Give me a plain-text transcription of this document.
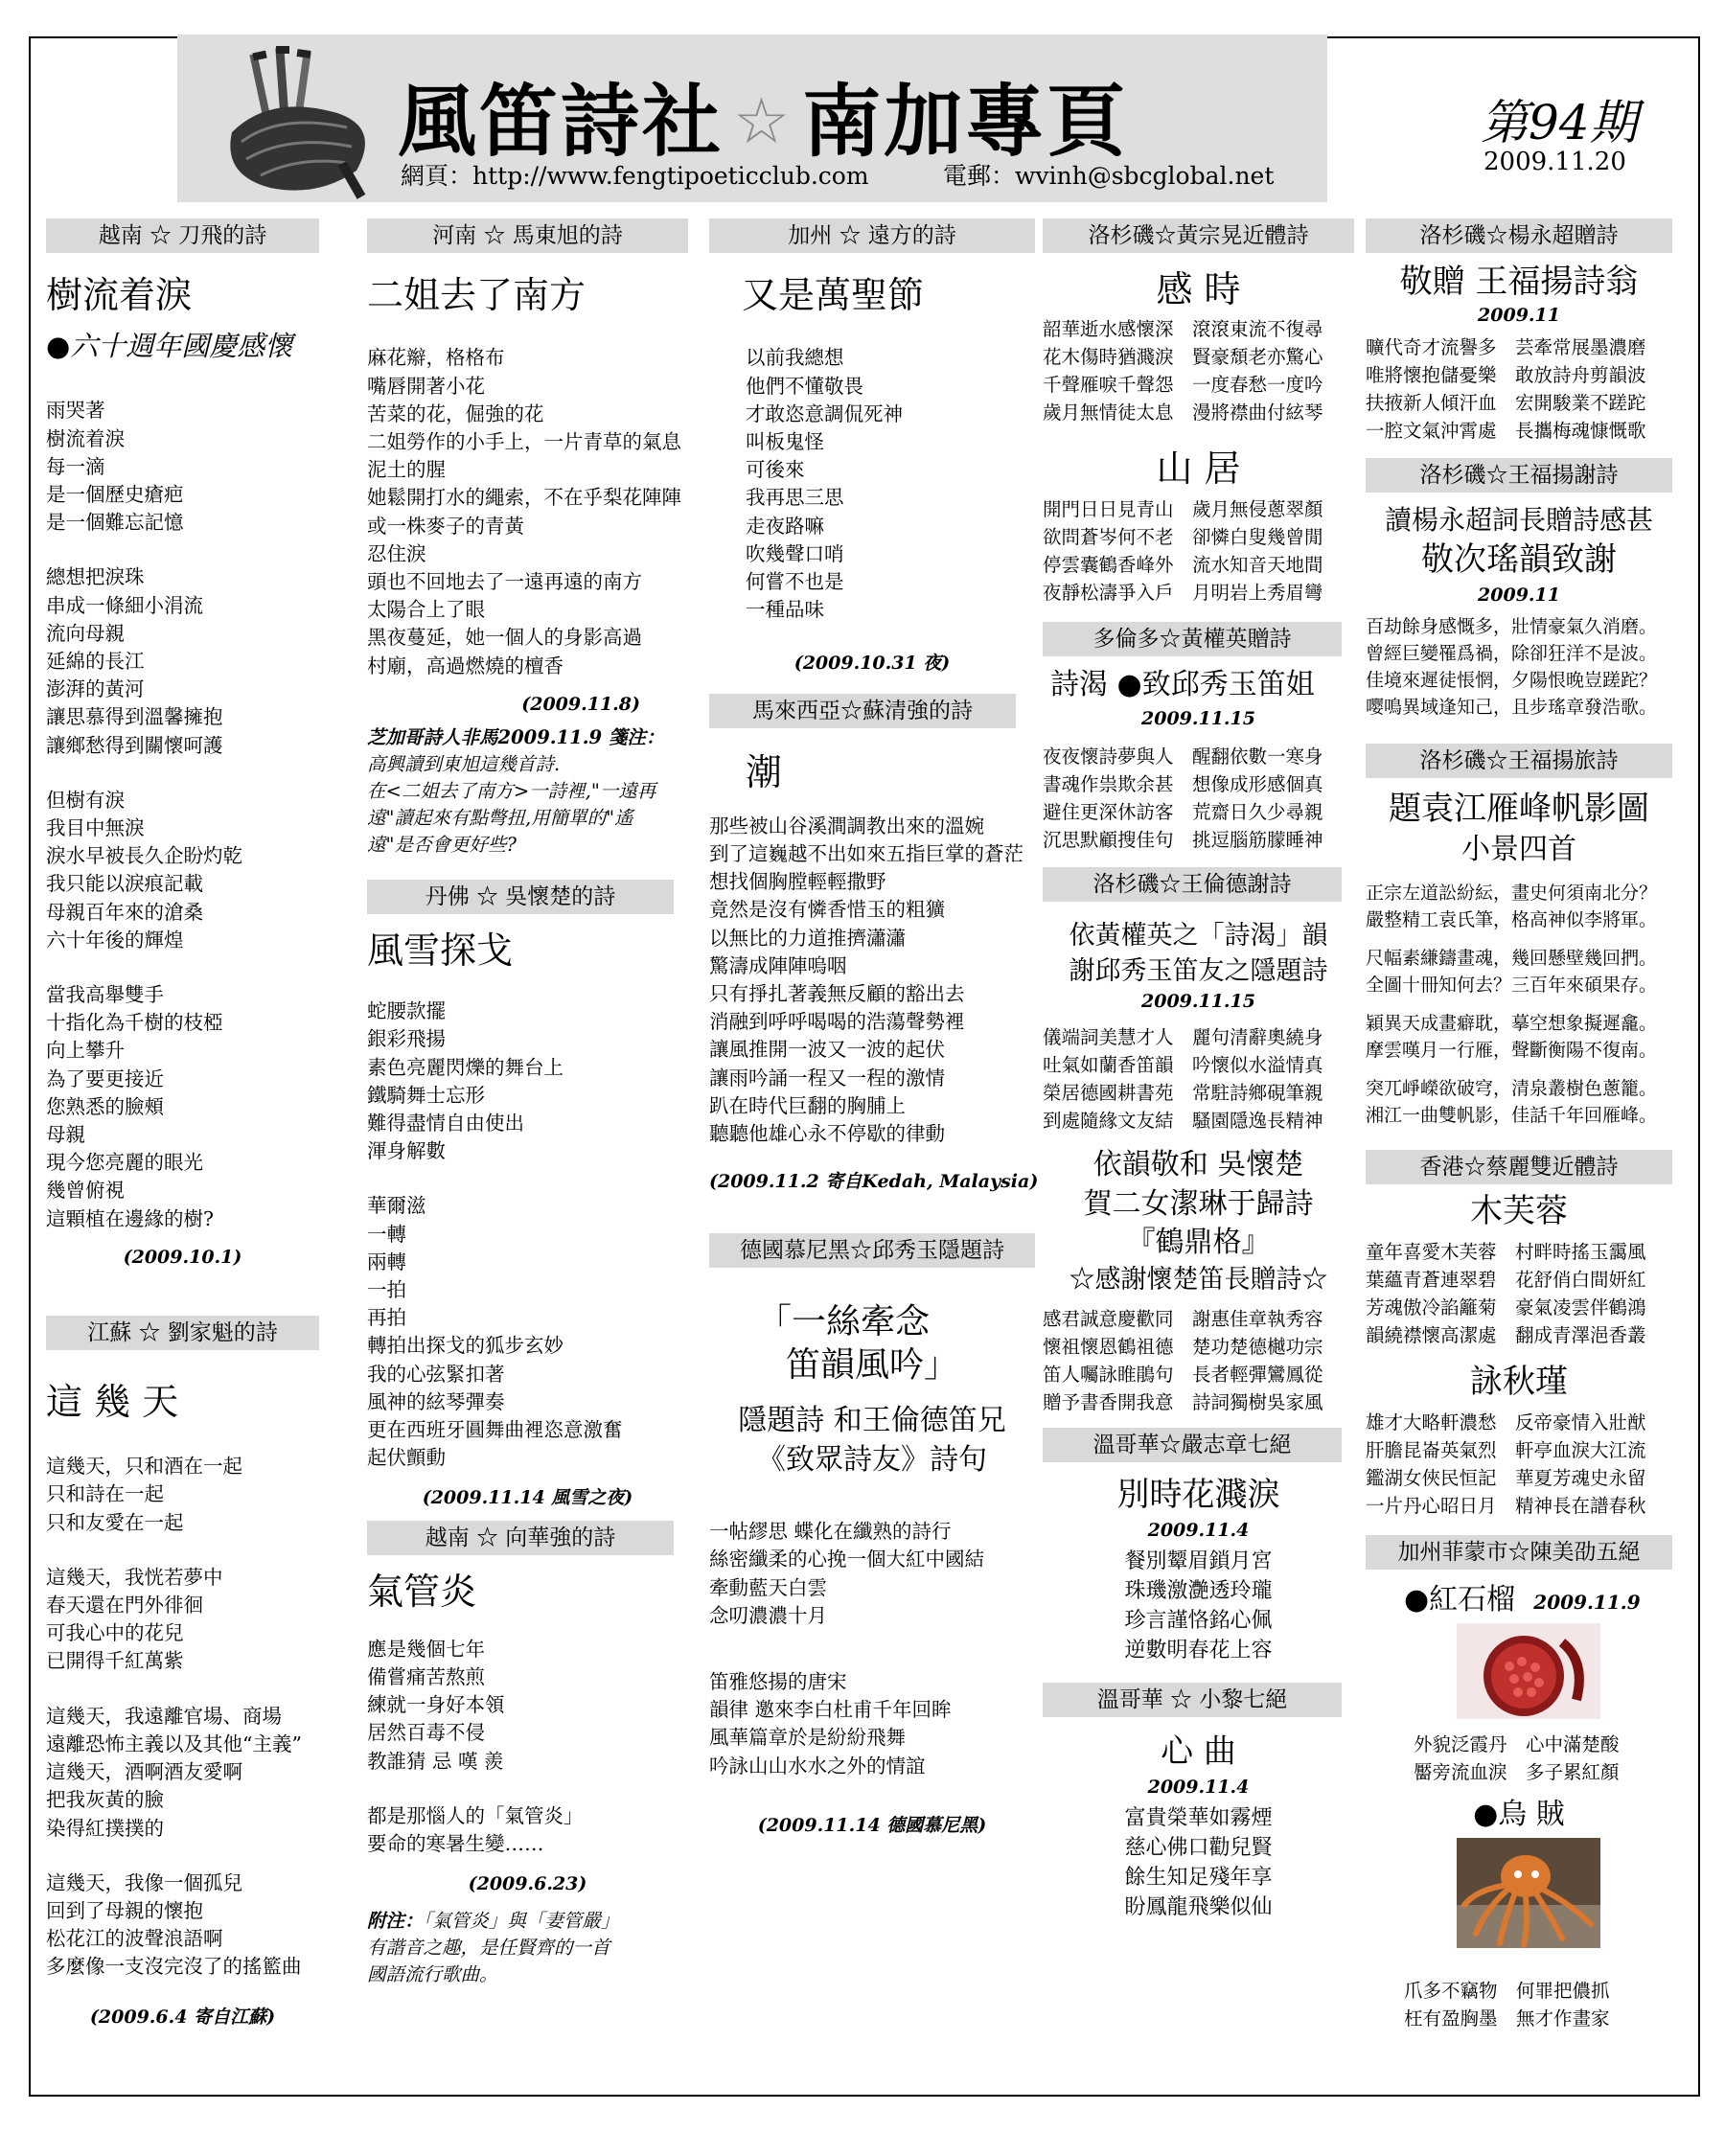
風笛詩社 ☆ 南加專頁
網頁：http://www.fengtipoeticclub.com	電郵：wvinh@sbcglobal.net
第94期
2009.11.20
越南 ☆ 刀飛的詩
樹流着淚
●六十週年國慶感懷
雨哭著
樹流着淚
每一滴
是一個歷史瘡疤
是一個難忘記憶
總想把淚珠
串成一條細小涓流
流向母親
延綿的長江
澎湃的黃河
讓思慕得到溫馨擁抱
讓鄉愁得到關懷呵護
但樹有淚
我目中無淚
淚水早被長久企盼灼乾
我只能以淚痕記載
母親百年來的滄桑
六十年後的輝煌
當我高舉雙手
十指化為千樹的枝椏
向上攀升
為了要更接近
您熟悉的臉頰
母親
現今您亮麗的眼光
幾曾俯視
這顆植在邊緣的樹?
(2009.10.1)
江蘇 ☆ 劉家魁的詩
這 幾 天
這幾天，只和酒在一起
只和詩在一起
只和友愛在一起
這幾天，我恍若夢中
春天還在門外徘徊
可我心中的花兒
已開得千紅萬紫
這幾天，我遠離官場、商場
遠離恐怖主義以及其他“主義”
這幾天，酒啊酒友愛啊
把我灰黃的臉
染得紅撲撲的
這幾天，我像一個孤兒
回到了母親的懷抱
松花江的波聲浪語啊
多麼像一支沒完沒了的搖籃曲
(2009.6.4 寄自江蘇)
河南 ☆ 馬東旭的詩
二姐去了南方
麻花辮，格格布
嘴唇開著小花
苦菜的花，倔強的花
二姐勞作的小手上，一片青草的氣息
泥土的腥
她鬆開打水的繩索，不在乎梨花陣陣
或一株麥子的青黃
忍住淚
頭也不回地去了一遠再遠的南方
太陽合上了眼
黑夜蔓延，她一個人的身影高過
村廟，高過燃燒的檀香
(2009.11.8)
芝加哥詩人非馬2009.11.9 箋注：
高興讀到東旭這幾首詩.
在<二姐去了南方>一詩裡,"一遠再
遠"讀起來有點彆扭,用簡單的"遙
遠"是否會更好些?
丹佛 ☆ 吳懷楚的詩
風雪探戈
蛇腰款擺
銀彩飛揚
素色亮麗閃爍的舞台上
鐵騎舞士忘形
難得盡情自由使出
渾身解數
華爾滋
一轉
兩轉
一拍
再拍
轉拍出探戈的狐步玄妙
我的心弦緊扣著
風神的絃琴彈奏
更在西班牙圓舞曲裡恣意激奮
起伏顫動
(2009.11.14 風雪之夜)
越南 ☆ 向華強的詩
氣管炎
應是幾個七年
備嘗痛苦熬煎
練就一身好本領
居然百毒不侵
教誰猜 忌 嘆 羨
都是那惱人的「氣管炎」
要命的寒暑生變……
(2009.6.23)
附注：「氣管炎」與「妻管嚴」
有諧音之趣，是任賢齊的一首
國語流行歌曲。
加州 ☆ 遠方的詩
又是萬聖節
以前我總想
他們不懂敬畏
才敢恣意調侃死神
叫板鬼怪
可後來
我再思三思
走夜路嘛
吹幾聲口哨
何嘗不也是
一種品味
(2009.10.31 夜)
馬來西亞☆蘇清強的詩
潮
那些被山谷溪澗調教出來的溫婉
到了這巍越不出如來五指巨掌的蒼茫
想找個胸膛輕輕撒野
竟然是沒有憐香惜玉的粗獷
以無比的力道推擠瀟瀟
驚濤成陣陣嗚咽
只有掙扎著義無反顧的豁出去
消融到呼呼喝喝的浩蕩聲勢裡
讓風推開一波又一波的起伏
讓雨吟誦一程又一程的激情
趴在時代巨翻的胸脯上
聽聽他雄心永不停歇的律動
(2009.11.2 寄自Kedah, Malaysia)
德國慕尼黑☆邱秀玉隱題詩
「一絲牽念
笛韻風吟」
隱題詩 和王倫德笛兄
《致眾詩友》詩句
一帖繆思 蝶化在纖熟的詩行
絲密纖柔的心挽一個大紅中國結
牽動藍天白雲
念叨濃濃十月
笛雅悠揚的唐宋
韻律 邀來李白杜甫千年回眸
風華篇章於是紛紛飛舞
吟詠山山水水之外的情誼
(2009.11.14 德國慕尼黑)
洛杉磯☆黃宗晃近體詩
感 時
韶華逝水感懷深　滾滾東流不復尋
花木傷時猶濺淚　賢豪頹老亦驚心
千聲雁唳千聲怨　一度春愁一度吟
歲月無情徒太息　漫將襟曲付絃琴
山 居
開門日日見青山　歲月無侵蔥翠顏
欲問蒼岑何不老　卻憐白叟幾曾閒
停雲囊鶴香峰外　流水知音天地間
夜靜松濤爭入戶　月明岩上秀眉彎
多倫多☆黃權英贈詩
詩渴 ●致邱秀玉笛姐
2009.11.15
夜夜懷詩夢與人　醒翻依數一寒身
書魂作祟欺余甚　想像成形感個真
避住更深休訪客　荒齋日久少尋親
沉思默顧搜佳句　挑逗腦筋朦睡神
洛杉磯☆王倫德謝詩
依黃權英之「詩渴」韻
謝邱秀玉笛友之隱題詩
2009.11.15
儀端詞美慧才人　麗句清辭奧繞身
吐氣如蘭香笛韻　吟懷似水溢情真
榮居德國耕書苑　常駐詩鄉硯筆親
到處隨緣文友結　騷園隱逸長精神
依韻敬和 吳懷楚
賀二女潔琳于歸詩
『鶴鼎格』
☆感謝懷楚笛長贈詩☆
感君誠意慶歡同　謝惠佳章執秀容
懷祖懷恩鶴祖德　楚功楚德樾功宗
笛人囑詠睢鵑句　長者輕彈鸞鳳從
贈予書香開我意　詩詞獨樹吳家風
溫哥華☆嚴志章七絕
別時花濺淚
2009.11.4
餐別颦眉鎖月宮
珠璣激灔透玲瓏
珍言謹恪銘心佩
逆數明春花上容
溫哥華 ☆ 小黎七絕
心 曲
2009.11.4
富貴榮華如霧煙
慈心佛口勸兒賢
餘生知足殘年享
盼鳳龍飛樂似仙
洛杉磯☆楊永超贈詩
敬贈 王福揚詩翁
2009.11
曠代奇才流譽多　芸牽常展墨濃磨
唯將懷抱儲憂樂　敢放詩舟剪韻波
扶掖新人傾汗血　宏開駿業不蹉跎
一腔文氣沖霄處　長攜梅魂慷慨歌
洛杉磯☆王福揚謝詩
讀楊永超詞長贈詩感甚
敬次瑤韻致謝
2009.11
百劫餘身感慨多，壯情豪氣久消磨。
曾經巨變罹爲禍，除卻狂洋不是波。
佳境來遲徒悵惘，夕陽恨晚豈蹉跎？
嘤鳴異域逢知己，且步瑤章發浩歌。
洛杉磯☆王福揚旅詩
題袁江雁峰帆影圖
小景四首
正宗左道訟紛紜，畫史何須南北分？
嚴整精工袁氏筆，格高神似李將軍。
尺幅素縑鑄畫魂，幾回懸壁幾回捫。
全圖十冊知何去？三百年來碩果存。
穎異天成畫癖耽，摹空想象擬遲龕。
摩雲嘆月一行雁，聲斷衡陽不復南。
突兀崢嶸欲破穹，清泉叢樹色蔥籠。
湘江一曲雙帆影，佳話千年回雁峰。
香港☆蔡麗雙近體詩
木芙蓉
童年喜愛木芙蓉　村畔時搖玉靄風
葉蘊青蒼連翠碧　花舒俏白間妍紅
芳魂傲冷諂籬菊　豪氣凌雲伴鶴鴻
韻繞襟懷高潔處　翻成青澤浥香叢
詠秋瑾
雄才大略軒濃愁　反帝豪情入壯猷
肝膽昆崙英氣烈　軒亭血淚大江流
鑑湖女俠民恒記　華夏芳魂史永留
一片丹心昭日月　精神長在譜春秋
加州菲蒙市☆陳美劭五絕
●紅石榴 2009.11.9
外貌泛霞丹　心中滿楚酸
靨旁流血淚　多子累紅顏
●烏 賊
爪多不竊物　何罪把儂抓
枉有盈胸墨　無才作畫家
